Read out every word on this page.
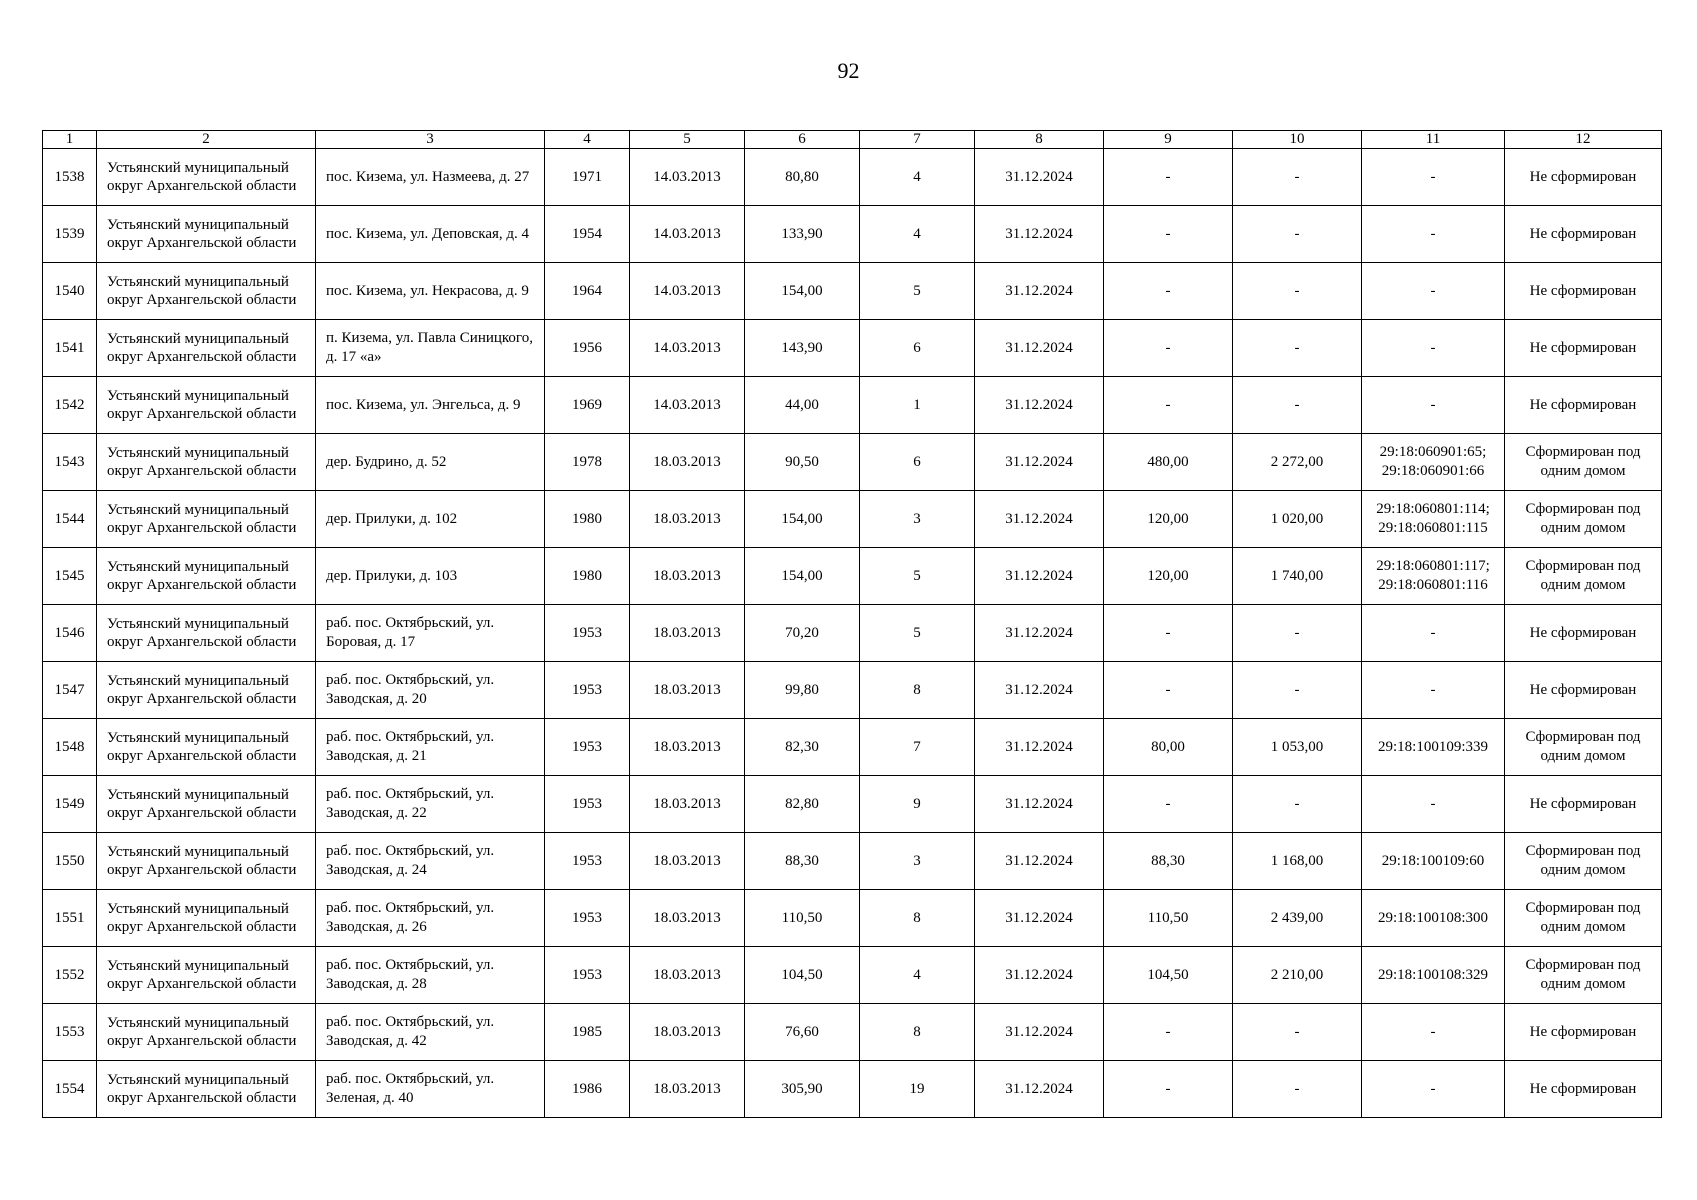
92
1	2	3	4	5	6	7	8	9	10	11	12
1538	Устьянский муниципальный округ Архангельской области	пос. Кизема, ул. Назмеева, д. 27	1971	14.03.2013	80,80	4	31.12.2024	-	-	-	Не сформирован
1539	Устьянский муниципальный округ Архангельской области	пос. Кизема, ул. Деповская, д. 4	1954	14.03.2013	133,90	4	31.12.2024	-	-	-	Не сформирован
1540	Устьянский муниципальный округ Архангельской области	пос. Кизема, ул. Некрасова, д. 9	1964	14.03.2013	154,00	5	31.12.2024	-	-	-	Не сформирован
1541	Устьянский муниципальный округ Архангельской области	п. Кизема, ул. Павла Синицкого, д. 17 «а»	1956	14.03.2013	143,90	6	31.12.2024	-	-	-	Не сформирован
1542	Устьянский муниципальный округ Архангельской области	пос. Кизема, ул. Энгельса, д. 9	1969	14.03.2013	44,00	1	31.12.2024	-	-	-	Не сформирован
1543	Устьянский муниципальный округ Архангельской области	дер. Будрино, д. 52	1978	18.03.2013	90,50	6	31.12.2024	480,00	2 272,00	29:18:060901:65; 29:18:060901:66	Сформирован под одним домом
1544	Устьянский муниципальный округ Архангельской области	дер. Прилуки, д. 102	1980	18.03.2013	154,00	3	31.12.2024	120,00	1 020,00	29:18:060801:114; 29:18:060801:115	Сформирован под одним домом
1545	Устьянский муниципальный округ Архангельской области	дер. Прилуки, д. 103	1980	18.03.2013	154,00	5	31.12.2024	120,00	1 740,00	29:18:060801:117; 29:18:060801:116	Сформирован под одним домом
1546	Устьянский муниципальный округ Архангельской области	раб. пос. Октябрьский, ул. Боровая, д. 17	1953	18.03.2013	70,20	5	31.12.2024	-	-	-	Не сформирован
1547	Устьянский муниципальный округ Архангельской области	раб. пос. Октябрьский, ул. Заводская, д. 20	1953	18.03.2013	99,80	8	31.12.2024	-	-	-	Не сформирован
1548	Устьянский муниципальный округ Архангельской области	раб. пос. Октябрьский, ул. Заводская, д. 21	1953	18.03.2013	82,30	7	31.12.2024	80,00	1 053,00	29:18:100109:339	Сформирован под одним домом
1549	Устьянский муниципальный округ Архангельской области	раб. пос. Октябрьский, ул. Заводская, д. 22	1953	18.03.2013	82,80	9	31.12.2024	-	-	-	Не сформирован
1550	Устьянский муниципальный округ Архангельской области	раб. пос. Октябрьский, ул. Заводская, д. 24	1953	18.03.2013	88,30	3	31.12.2024	88,30	1 168,00	29:18:100109:60	Сформирован под одним домом
1551	Устьянский муниципальный округ Архангельской области	раб. пос. Октябрьский, ул. Заводская, д. 26	1953	18.03.2013	110,50	8	31.12.2024	110,50	2 439,00	29:18:100108:300	Сформирован под одним домом
1552	Устьянский муниципальный округ Архангельской области	раб. пос. Октябрьский, ул. Заводская, д. 28	1953	18.03.2013	104,50	4	31.12.2024	104,50	2 210,00	29:18:100108:329	Сформирован под одним домом
1553	Устьянский муниципальный округ Архангельской области	раб. пос. Октябрьский, ул. Заводская, д. 42	1985	18.03.2013	76,60	8	31.12.2024	-	-	-	Не сформирован
1554	Устьянский муниципальный округ Архангельской области	раб. пос. Октябрьский, ул. Зеленая, д. 40	1986	18.03.2013	305,90	19	31.12.2024	-	-	-	Не сформирован
